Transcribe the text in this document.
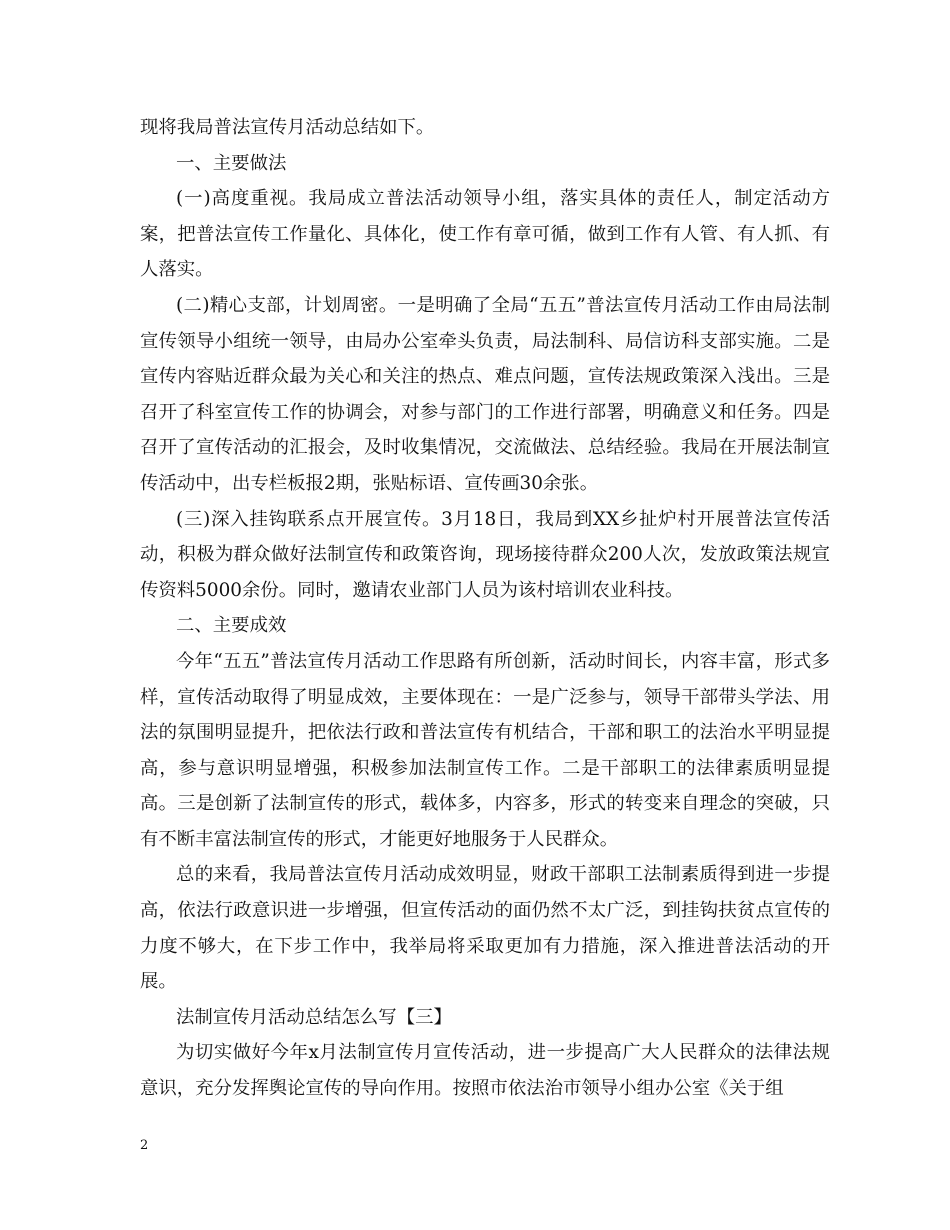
现将我局普法宣传月活动总结如下。

一、主要做法

(一)高度重视。我局成立普法活动领导小组，落实具体的责任人，制定活动方案，把普法宣传工作量化、具体化，使工作有章可循，做到工作有人管、有人抓、有人落实。

(二)精心支部，计划周密。一是明确了全局“五五”普法宣传月活动工作由局法制宣传领导小组统一领导，由局办公室牵头负责，局法制科、局信访科支部实施。二是宣传内容贴近群众最为关心和关注的热点、难点问题，宣传法规政策深入浅出。三是召开了科室宣传工作的协调会，对参与部门的工作进行部署，明确意义和任务。四是召开了宣传活动的汇报会，及时收集情况，交流做法、总结经验。我局在开展法制宣传活动中，出专栏板报2期，张贴标语、宣传画30余张。

(三)深入挂钩联系点开展宣传。3月18日，我局到XX乡扯炉村开展普法宣传活动，积极为群众做好法制宣传和政策咨询，现场接待群众200人次，发放政策法规宣传资料5000余份。同时，邀请农业部门人员为该村培训农业科技。

二、主要成效

今年“五五”普法宣传月活动工作思路有所创新，活动时间长，内容丰富，形式多样，宣传活动取得了明显成效，主要体现在：一是广泛参与，领导干部带头学法、用法的氛围明显提升，把依法行政和普法宣传有机结合，干部和职工的法治水平明显提高，参与意识明显增强，积极参加法制宣传工作。二是干部职工的法律素质明显提高。三是创新了法制宣传的形式，载体多，内容多，形式的转变来自理念的突破，只有不断丰富法制宣传的形式，才能更好地服务于人民群众。

总的来看，我局普法宣传月活动成效明显，财政干部职工法制素质得到进一步提高，依法行政意识进一步增强，但宣传活动的面仍然不太广泛，到挂钩扶贫点宣传的力度不够大，在下步工作中，我举局将采取更加有力措施，深入推进普法活动的开展。

法制宣传月活动总结怎么写【三】

为切实做好今年x月法制宣传月宣传活动，进一步提高广大人民群众的法律法规意识，充分发挥舆论宣传的导向作用。按照市依法治市领导小组办公室《关于组

2
